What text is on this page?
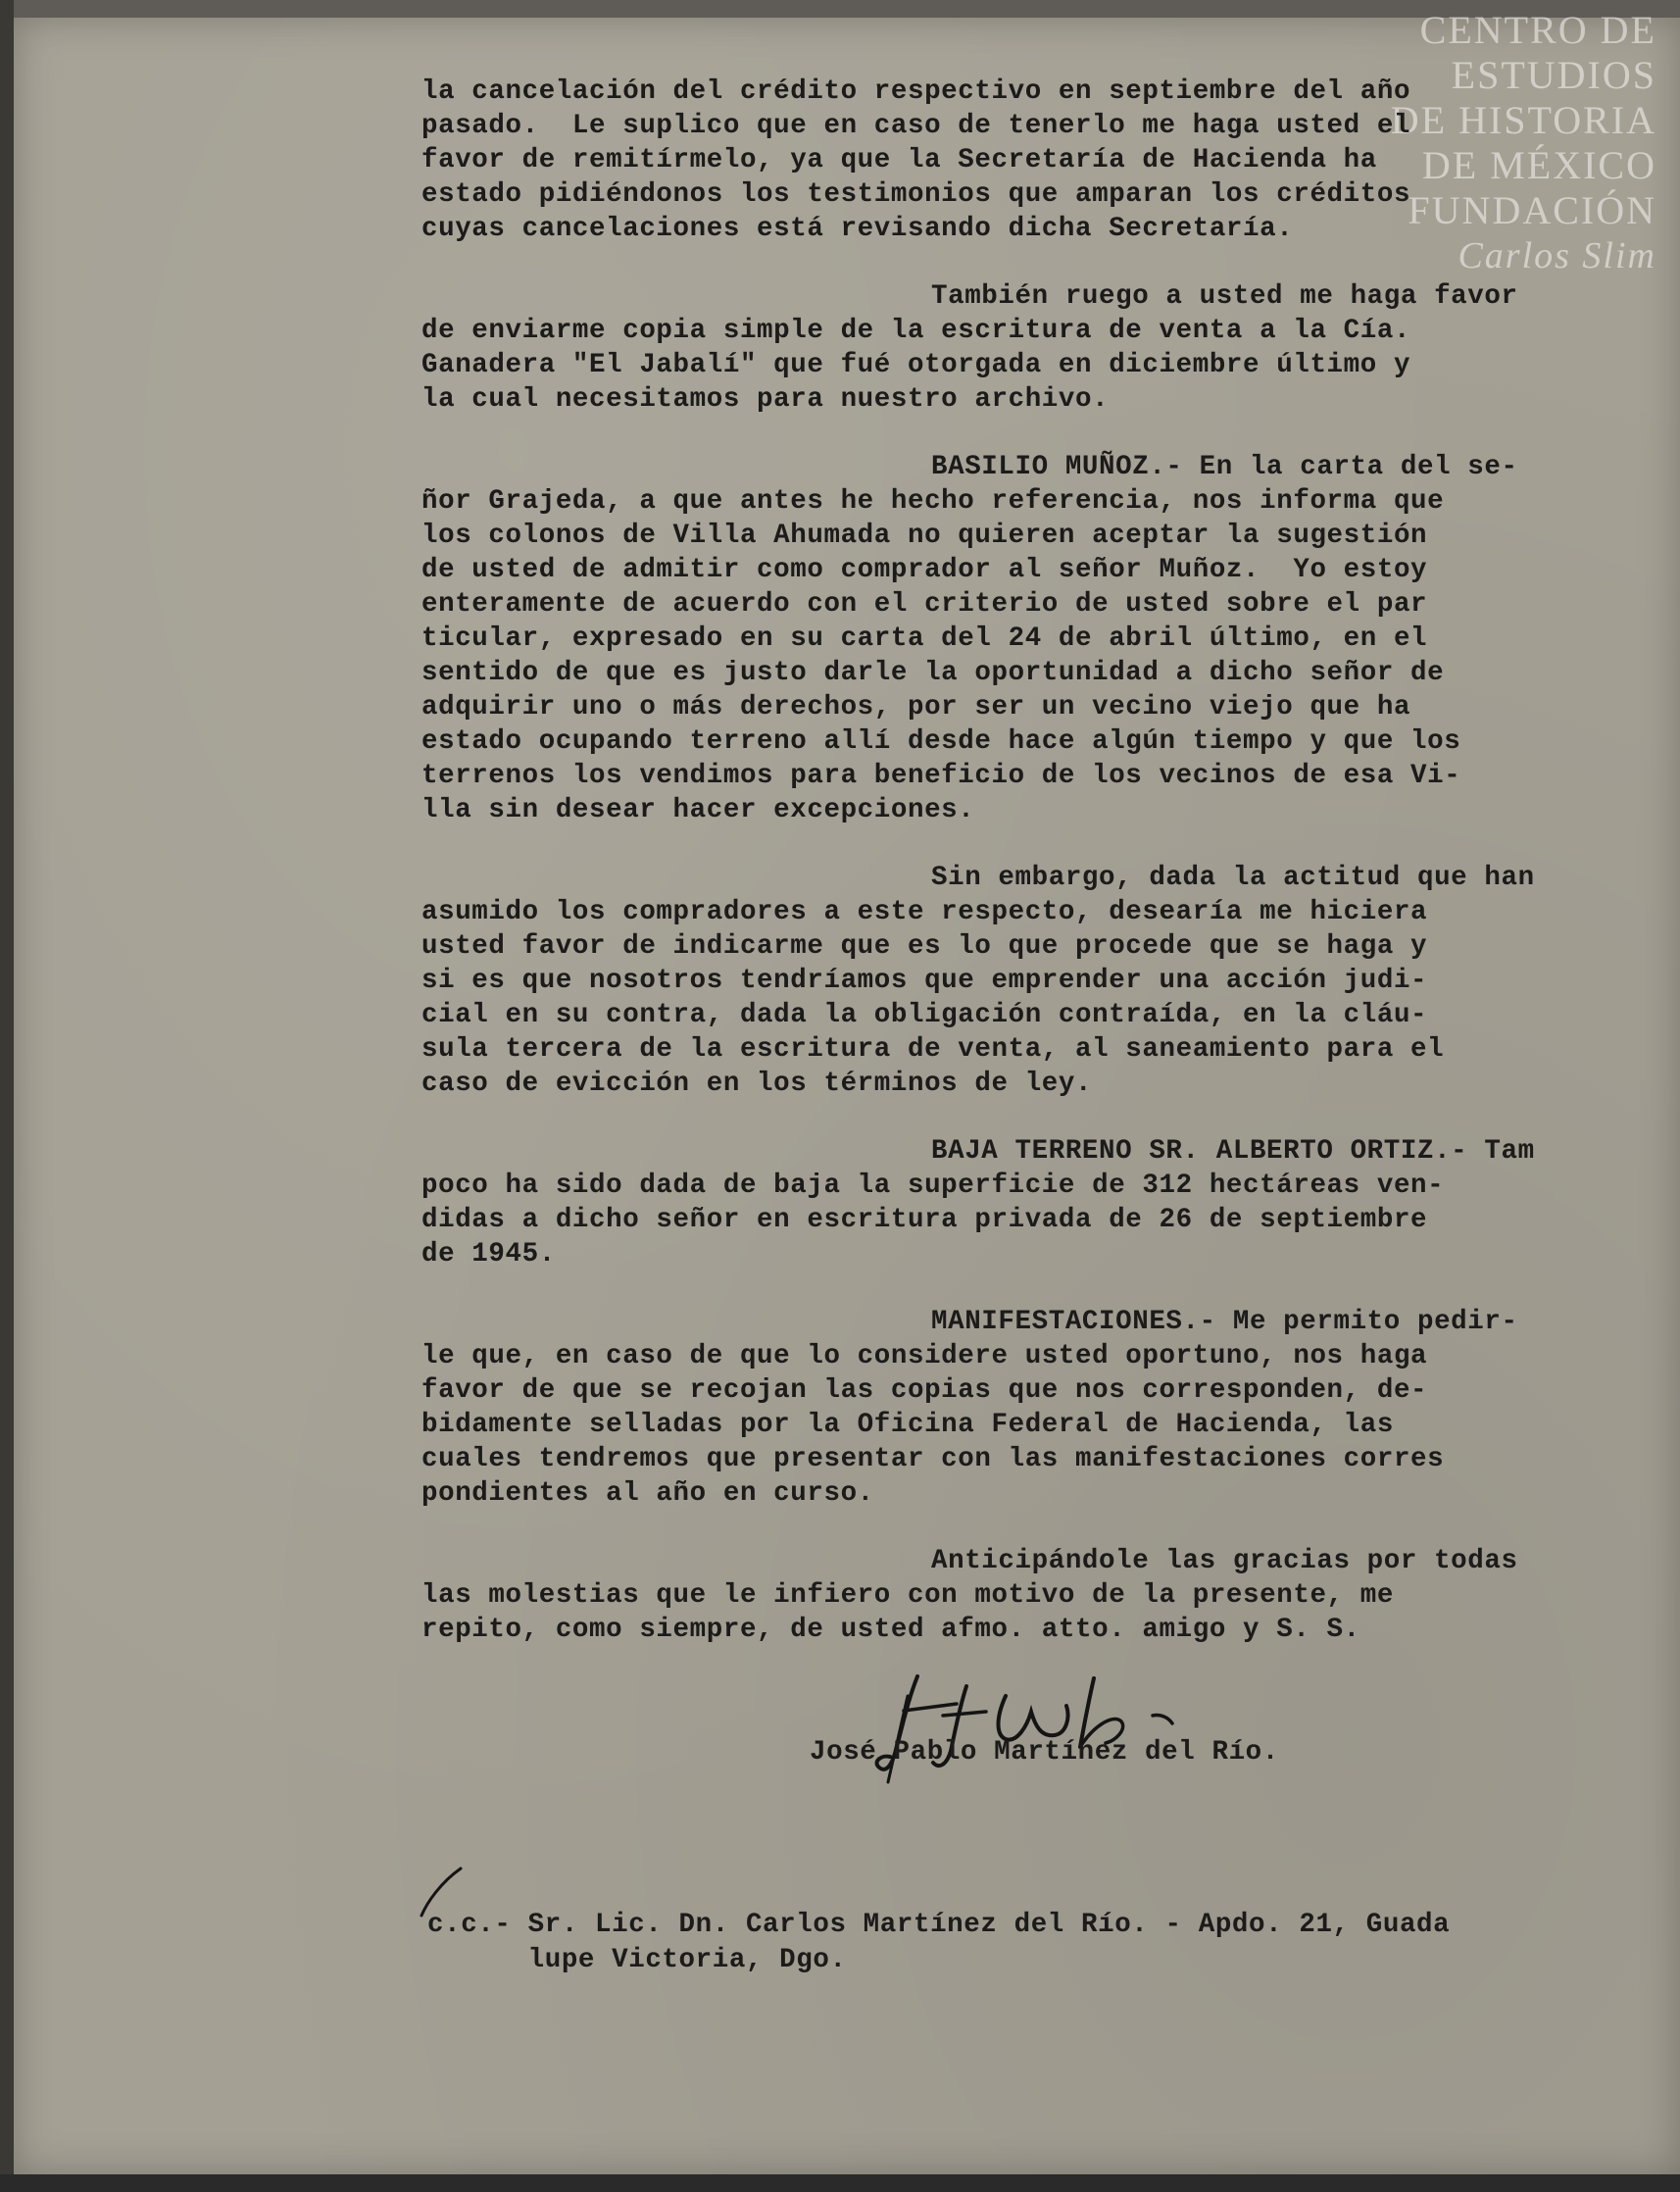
CENTRO DE
ESTUDIOS
DE HISTORIA
DE MÉXICO
FUNDACIÓN
Carlos Slim
la cancelación del crédito respectivo en septiembre del año
pasado.  Le suplico que en caso de tenerlo me haga usted el
favor de remitírmelo, ya que la Secretaría de Hacienda ha
estado pidiéndonos los testimonios que amparan los créditos
cuyas cancelaciones está revisando dicha Secretaría.
También ruego a usted me haga favor
de enviarme copia simple de la escritura de venta a la Cía.
Ganadera "El Jabalí" que fué otorgada en diciembre último y
la cual necesitamos para nuestro archivo.
BASILIO MUÑOZ.- En la carta del se-
ñor Grajeda, a que antes he hecho referencia, nos informa que
los colonos de Villa Ahumada no quieren aceptar la sugestión
de usted de admitir como comprador al señor Muñoz.  Yo estoy
enteramente de acuerdo con el criterio de usted sobre el par
ticular, expresado en su carta del 24 de abril último, en el
sentido de que es justo darle la oportunidad a dicho señor de
adquirir uno o más derechos, por ser un vecino viejo que ha
estado ocupando terreno allí desde hace algún tiempo y que los
terrenos los vendimos para beneficio de los vecinos de esa Vi-
lla sin desear hacer excepciones.
Sin embargo, dada la actitud que han
asumido los compradores a este respecto, desearía me hiciera
usted favor de indicarme que es lo que procede que se haga y
si es que nosotros tendríamos que emprender una acción judi-
cial en su contra, dada la obligación contraída, en la cláu-
sula tercera de la escritura de venta, al saneamiento para el
caso de evicción en los términos de ley.
BAJA TERRENO SR. ALBERTO ORTIZ.- Tam
poco ha sido dada de baja la superficie de 312 hectáreas ven-
didas a dicho señor en escritura privada de 26 de septiembre
de 1945.
MANIFESTACIONES.- Me permito pedir-
le que, en caso de que lo considere usted oportuno, nos haga
favor de que se recojan las copias que nos corresponden, de-
bidamente selladas por la Oficina Federal de Hacienda, las
cuales tendremos que presentar con las manifestaciones corres
pondientes al año en curso.
Anticipándole las gracias por todas
las molestias que le infiero con motivo de la presente, me
repito, como siempre, de usted afmo. atto. amigo y S. S.
José Pablo Martínez del Río.
c.c.- Sr. Lic. Dn. Carlos Martínez del Río. - Apdo. 21, Guada
lupe Victoria, Dgo.
